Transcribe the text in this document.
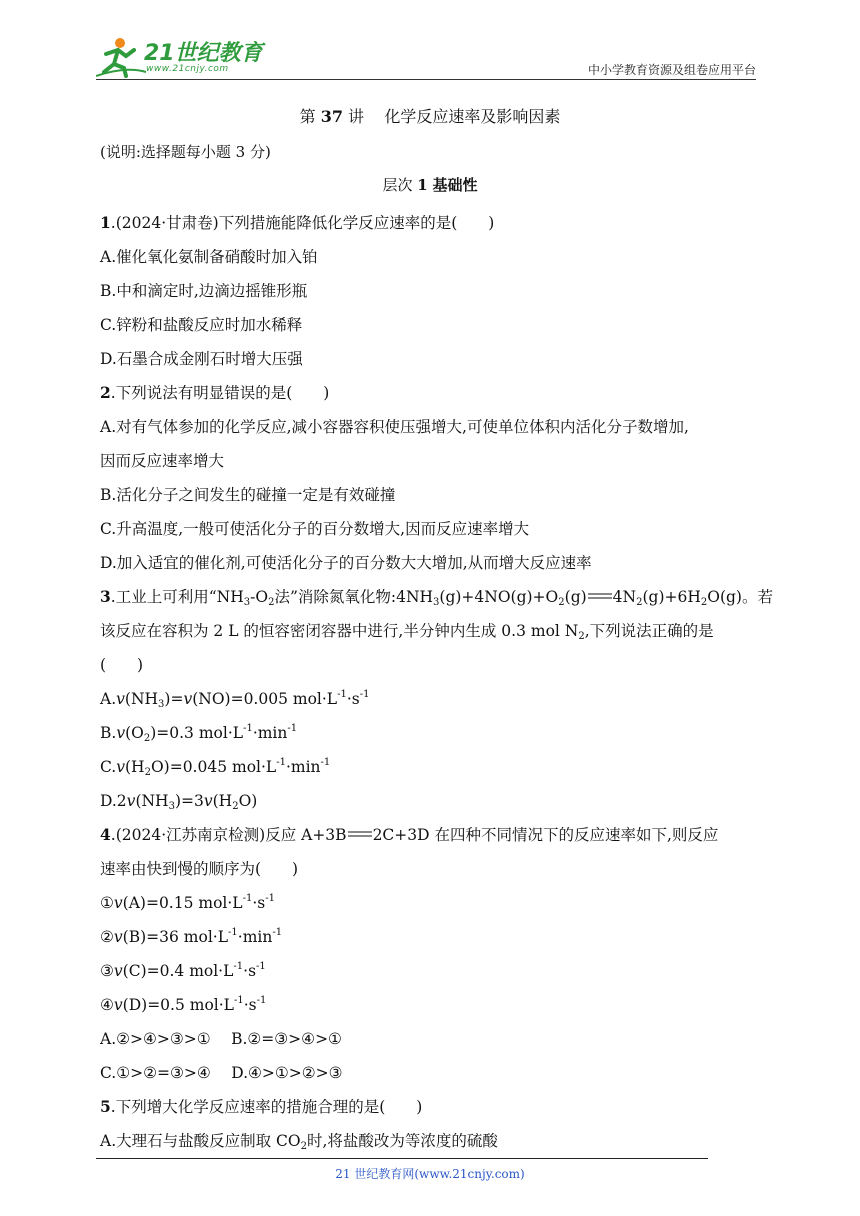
21世纪教育
www.21cnjy.com	中小学教育资源及组卷应用平台
第 37 讲 化学反应速率及影响因素
(说明:选择题每小题 3 分)
层次 1 基础性
1.(2024·甘肃卷)下列措施能降低化学反应速率的是(　　)
A.催化氧化氨制备硝酸时加入铂
B.中和滴定时,边滴边摇锥形瓶
C.锌粉和盐酸反应时加水稀释
D.石墨合成金刚石时增大压强
2.下列说法有明显错误的是(　　)
A.对有气体参加的化学反应,减小容器容积使压强增大,可使单位体积内活化分子数增加,
因而反应速率增大
B.活化分子之间发生的碰撞一定是有效碰撞
C.升高温度,一般可使活化分子的百分数增大,因而反应速率增大
D.加入适宜的催化剂,可使活化分子的百分数大大增加,从而增大反应速率
3.工业上可利用“$NH_3-O_2$法”消除氮氧化物$:4NH_3(g)+4NO(g)+O_2(g)$ $4N_2(g)+6H_2O(g)$。若
该反应在容积为 2 L 的恒容密闭容器中进行,半分钟内生成 0.3 mol $N_2$,下列说法正确的是
(　　)
$A.v(NH_3)=v(NO)=0.005$ $mol\cdot L^{-1}\cdot s^{-1}$
$B.v(O_2)=0.3$ $mol\cdot L^{-1}\cdot\min^{-1}$
$C.v(H_2O)=0.045$ $mol\cdot L^{-1}\cdot\min^{-1}$
$D.2v(NH_3)=3v(H_2O)$
4.(2024·江苏南京检测)反应 A+3B 2C+3D 在四种不同情况下的反应速率如下,则反应
速率由快到慢的顺序为(　　)
①v(A)=0.15 $mol\cdot L^{-1}\cdot s^{-1}$
②v(B)=36 $mol\cdot L^{-1}\cdot\min^{-1}$
③v(C)=0.4 $mol\cdot L^{-1}\cdot s^{-1}$
④v(D)=0.5 $mol\cdot L^{-1}\cdot s^{-1}$
A.②>④>③>①　 B.②=③>④>①
C.①>②=③>④　 D.④>①>②>③
5.下列增大化学反应速率的措施合理的是(　　)
A.大理石与盐酸反应制取 $CO_2$时,将盐酸改为等浓度的硫酸
21 世纪教育网(www.21cnjy.com)
